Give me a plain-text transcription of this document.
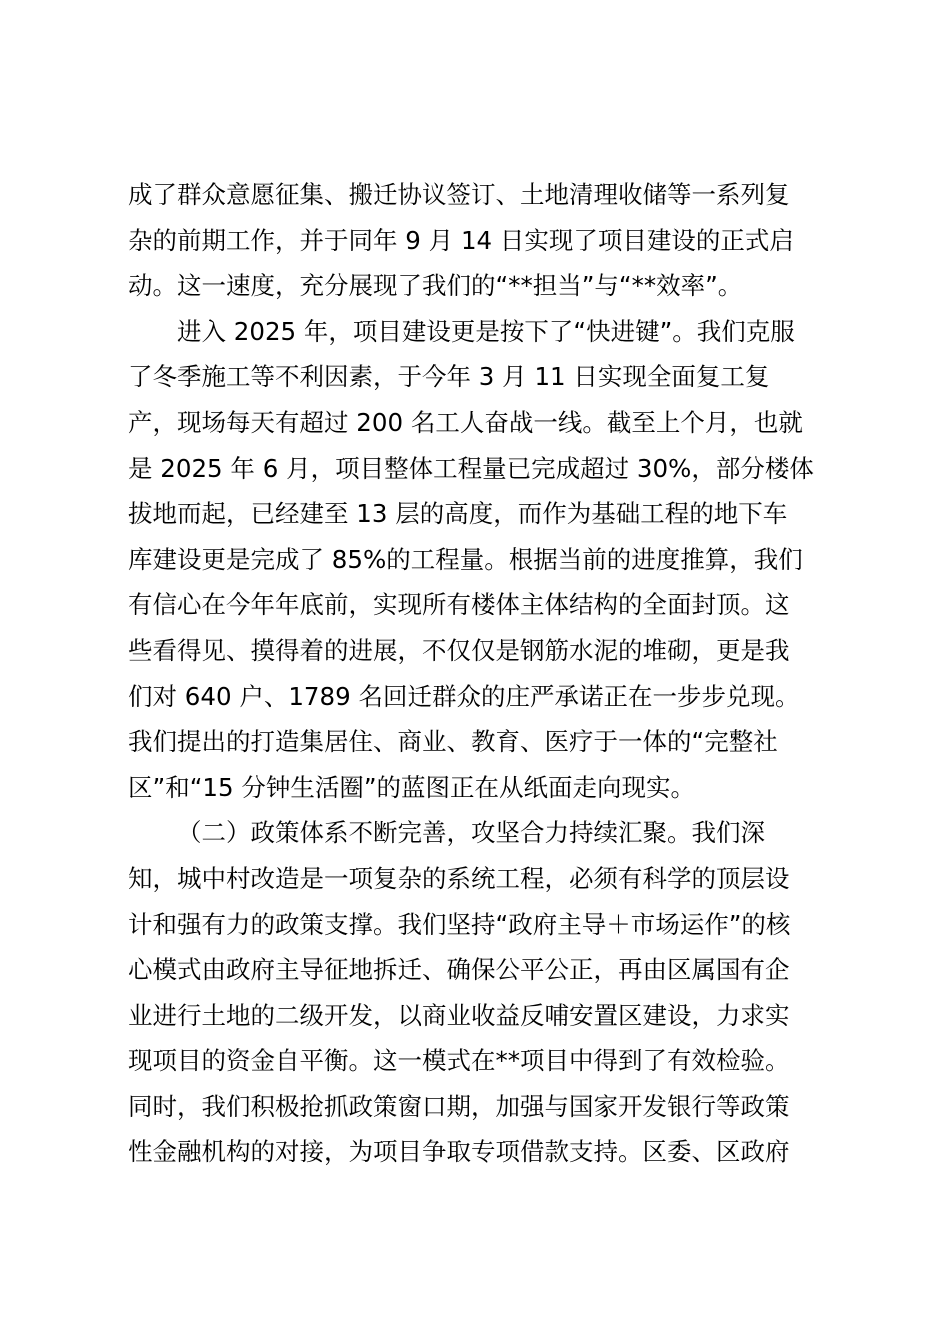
成了群众意愿征集、搬迁协议签订、土地清理收储等一系列复
杂的前期工作，并于同年 9 月 14 日实现了项目建设的正式启
动。这一速度，充分展现了我们的“**担当”与“**效率”。
进入 2025 年，项目建设更是按下了“快进键”。我们克服
了冬季施工等不利因素，于今年 3 月 11 日实现全面复工复
产，现场每天有超过 200 名工人奋战一线。截至上个月，也就
是 2025 年 6 月，项目整体工程量已完成超过 30%，部分楼体
拔地而起，已经建至 13 层的高度，而作为基础工程的地下车
库建设更是完成了 85%的工程量。根据当前的进度推算，我们
有信心在今年年底前，实现所有楼体主体结构的全面封顶。这
些看得见、摸得着的进展，不仅仅是钢筋水泥的堆砌，更是我
们对 640 户、1789 名回迁群众的庄严承诺正在一步步兑现。
我们提出的打造集居住、商业、教育、医疗于一体的“完整社
区”和“15 分钟生活圈”的蓝图正在从纸面走向现实。
（二）政策体系不断完善，攻坚合力持续汇聚。我们深
知，城中村改造是一项复杂的系统工程，必须有科学的顶层设
计和强有力的政策支撑。我们坚持“政府主导＋市场运作”的核
心模式由政府主导征地拆迁、确保公平公正，再由区属国有企
业进行土地的二级开发，以商业收益反哺安置区建设，力求实
现项目的资金自平衡。这一模式在**项目中得到了有效检验。
同时，我们积极抢抓政策窗口期，加强与国家开发银行等政策
性金融机构的对接，为项目争取专项借款支持。区委、区政府
